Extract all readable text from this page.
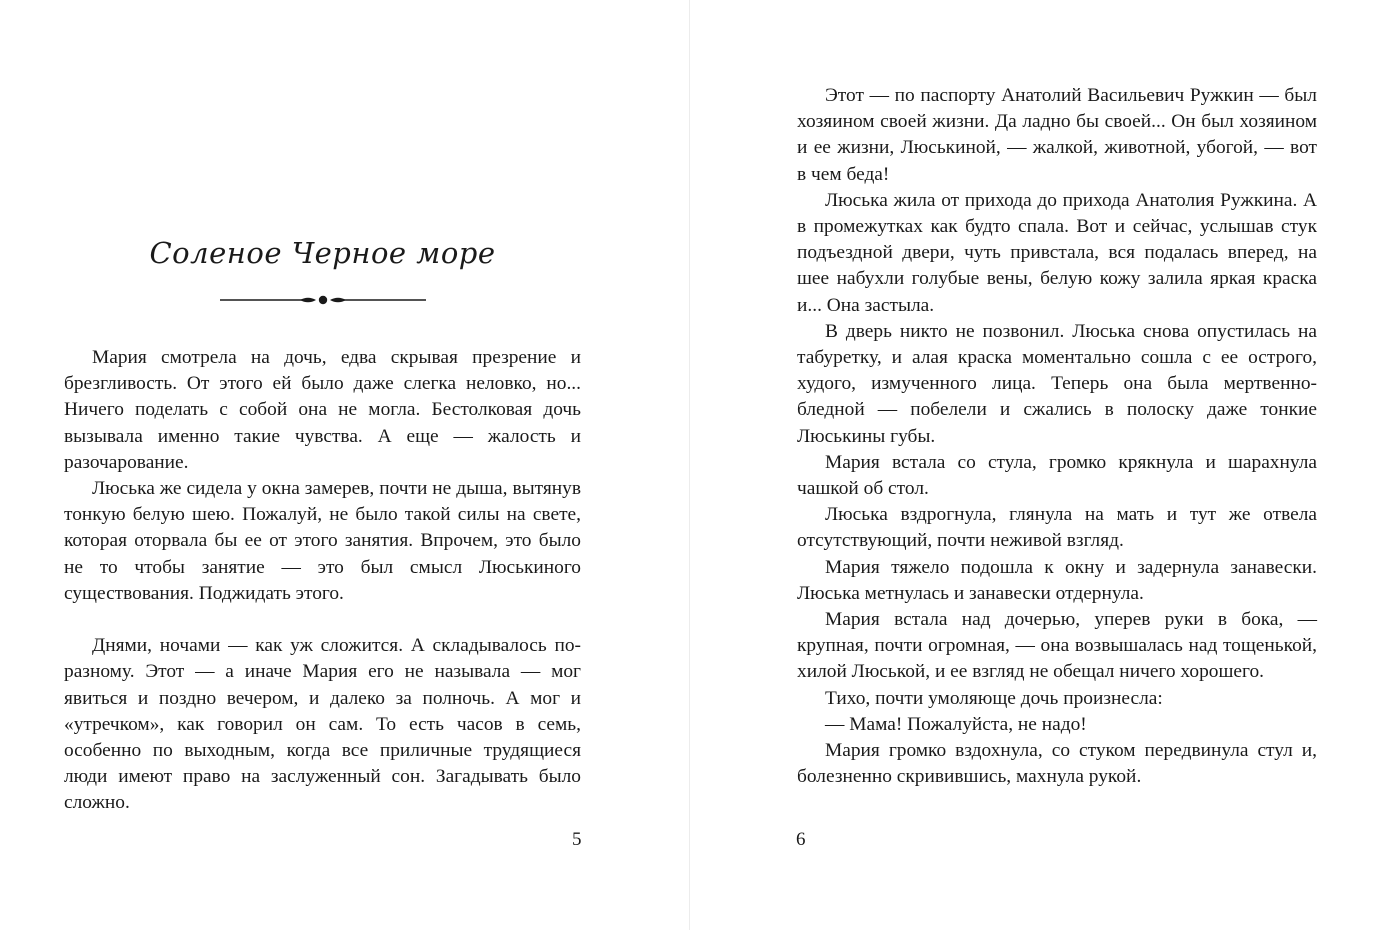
Соленое Черное море

Мария смотрела на дочь, едва скрывая презрение и брезгливость. От этого ей было даже слегка неловко, но... Ничего поделать с собой она не могла. Бестолковая дочь вызывала именно такие чувства. А еще — жалость и разочарование.

Люська же сидела у окна замерев, почти не дыша, вытянув тонкую белую шею. Пожалуй, не было такой силы на свете, которая оторвала бы ее от этого занятия. Впрочем, это было не то чтобы занятие — это был смысл Люськиного существования. Поджидать этого.

Днями, ночами — как уж сложится. А складывалось по-разному. Этот — а иначе Мария его не называла — мог явиться и поздно вечером, и далеко за полночь. А мог и «утречком», как говорил он сам. То есть часов в семь, особенно по выходным, когда все приличные трудящиеся люди имеют право на заслуженный сон. Загадывать было сложно.

5

Этот — по паспорту Анатолий Васильевич Ружкин — был хозяином своей жизни. Да ладно бы своей... Он был хозяином и ее жизни, Люськиной, — жалкой, животной, убогой, — вот в чем беда!

Люська жила от прихода до прихода Анатолия Ружкина. А в промежутках как будто спала. Вот и сейчас, услышав стук подъездной двери, чуть привстала, вся подалась вперед, на шее набухли голубые вены, белую кожу залила яркая краска и... Она застыла.

В дверь никто не позвонил. Люська снова опустилась на табуретку, и алая краска моментально сошла с ее острого, худого, измученного лица. Теперь она была мертвенно-бледной — побелели и сжались в полоску даже тонкие Люськины губы.

Мария встала со стула, громко крякнула и шарахнула чашкой об стол.

Люська вздрогнула, глянула на мать и тут же отвела отсутствующий, почти неживой взгляд.

Мария тяжело подошла к окну и задернула занавески. Люська метнулась и занавески отдернула.

Мария встала над дочерью, уперев руки в бока, — крупная, почти огромная, — она возвышалась над тощенькой, хилой Люськой, и ее взгляд не обещал ничего хорошего.

Тихо, почти умоляюще дочь произнесла:

— Мама! Пожалуйста, не надо!

Мария громко вздохнула, со стуком передвинула стул и, болезненно скривившись, махнула рукой.

6
